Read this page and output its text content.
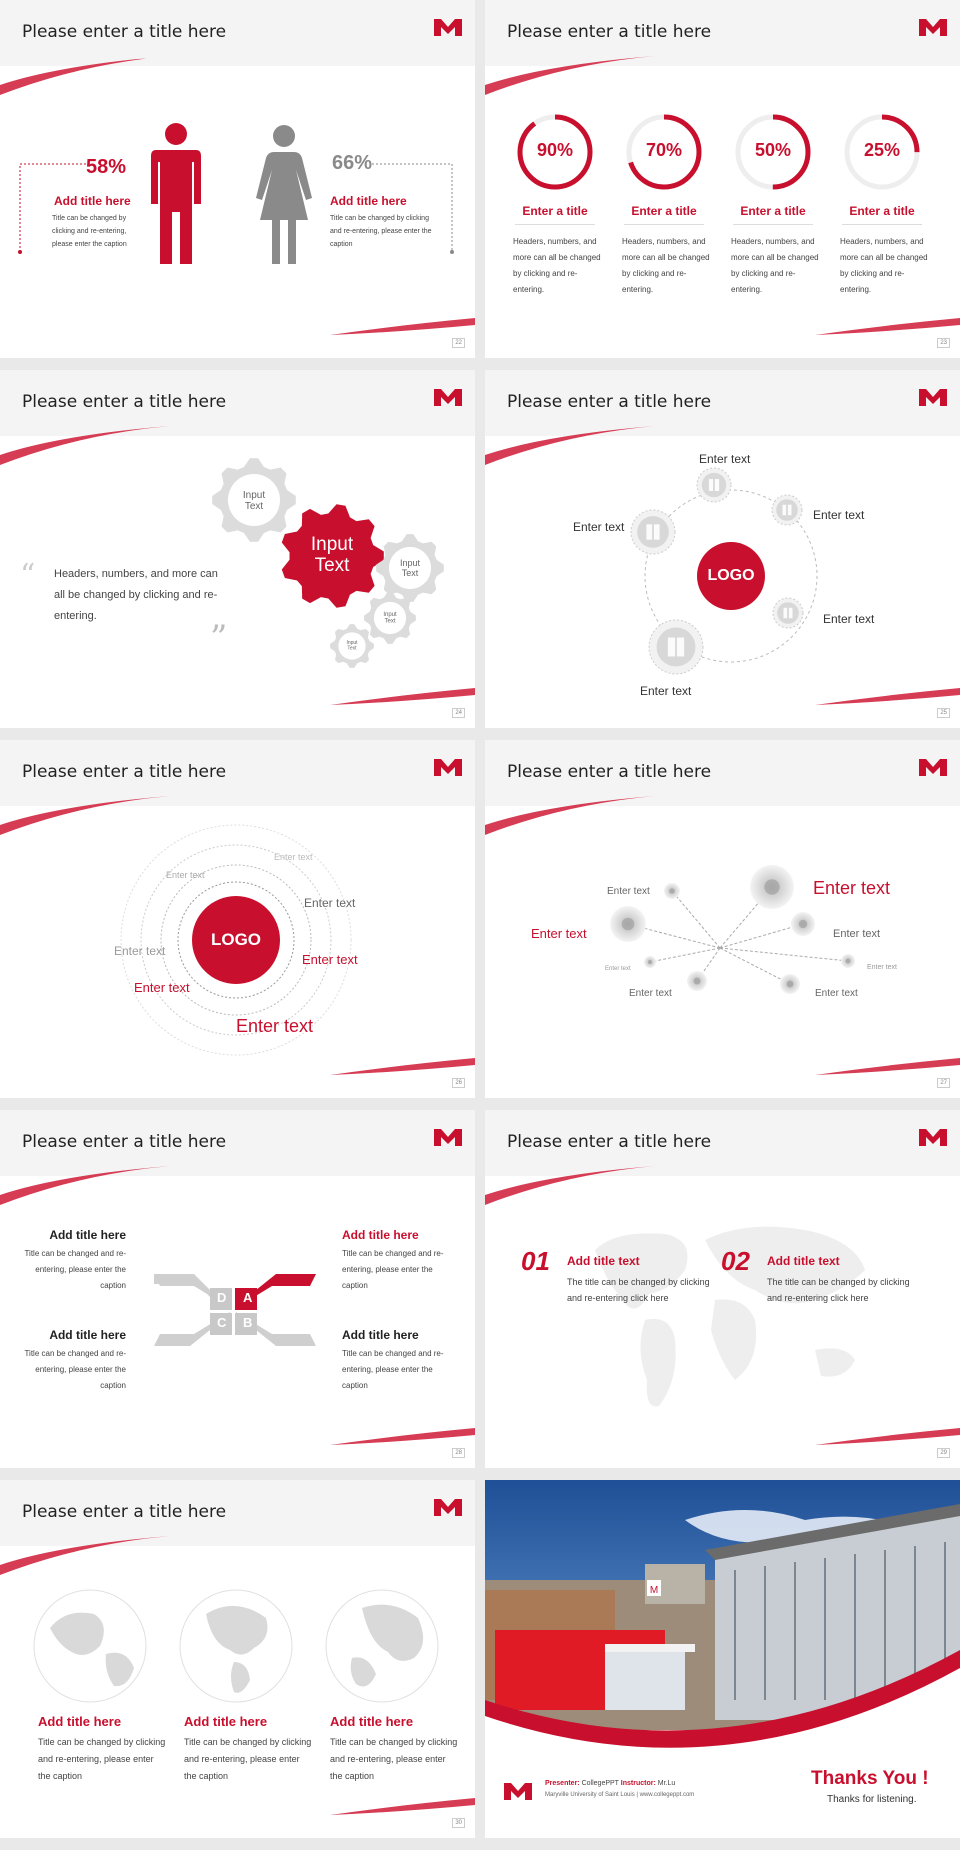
Please enter a title here
58%
Add title here
Title can be changed by clicking and re-entering, please enter the caption
66%
Add title here
Title can be changed by clicking and re-entering, please enter the caption
22
Please enter a title here
90%
Enter a title
Headers, numbers, and more can all be changed by clicking and re-entering.
70%
Enter a title
Headers, numbers, and more can all be changed by clicking and re-entering.
50%
Enter a title
Headers, numbers, and more can all be changed by clicking and re-entering.
25%
Enter a title
Headers, numbers, and more can all be changed by clicking and re-entering.
23
Please enter a title here
“ Headers, numbers, and more can all be changed by clicking and re-entering.
”
Input Text
Input Text	Input Text
Input Text
Input Text
24
Please enter a title here
LOGO
Enter text
Enter text
Enter text
Enter text
Enter text
25
Please enter a title here
LOGO
Enter text
Enter text
Enter text
Enter text
Enter text
Enter text
Enter text
26
Please enter a title here
Enter text	Enter text
Enter text	Enter text
Enter text	Enter text
Enter text	Enter text
27
Please enter a title here
Add title here
Title can be changed and re-entering, please enter the caption
Add title here
Title can be changed and re-entering, please enter the caption
Add title here
Title can be changed and re-entering, please enter the caption
Add title here
Title can be changed and re-entering, please enter the caption
A
B
C
D
28
Please enter a title here
01 Add title text
The title can be changed by clicking and re-entering click here
02 Add title text
The title can be changed by clicking and re-entering click here
29
Please enter a title here
Add title here
Title can be changed by clicking and re-entering, please enter the caption
Add title here
Title can be changed by clicking and re-entering, please enter the caption
Add title here
Title can be changed by clicking and re-entering, please enter the caption
30
M
Presenter: CollegePPT Instructor: Mr.Lu
Maryville University of Saint Louis | www.collegeppt.com
Thanks You !
Thanks for listening.
